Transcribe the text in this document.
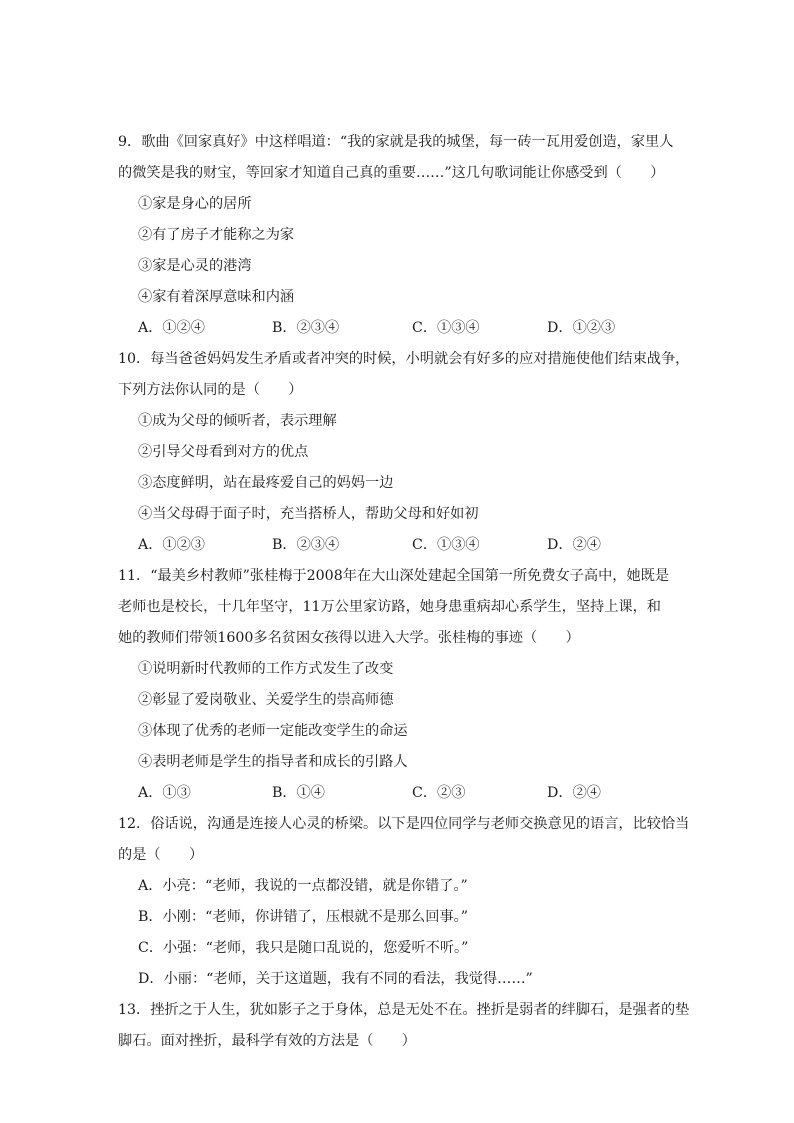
9．歌曲《回家真好》中这样唱道：“我的家就是我的城堡，每一砖一瓦用爱创造，家里人
的微笑是我的财宝，等回家才知道自己真的重要……”这几句歌词能让你感受到（　　）
①家是身心的居所
②有了房子才能称之为家
③家是心灵的港湾
④家有着深厚意味和内涵
A．①②④	B．②③④	C．①③④	D．①②③
10．每当爸爸妈妈发生矛盾或者冲突的时候，小明就会有好多的应对措施使他们结束战争，
下列方法你认同的是（　　）
①成为父母的倾听者，表示理解
②引导父母看到对方的优点
③态度鲜明，站在最疼爱自己的妈妈一边
④当父母碍于面子时，充当搭桥人，帮助父母和好如初
A．①②③	B．②③④	C．①③④	D．②④
11．“最美乡村教师”张桂梅于2008年在大山深处建起全国第一所免费女子高中，她既是
老师也是校长，十几年坚守，11万公里家访路，她身患重病却心系学生，坚持上课，和
她的教师们带领1600多名贫困女孩得以进入大学。张桂梅的事迹（　　）
①说明新时代教师的工作方式发生了改变
②彰显了爱岗敬业、关爱学生的崇高师德
③体现了优秀的老师一定能改变学生的命运
④表明老师是学生的指导者和成长的引路人
A．①③	B．①④	C．②③	D．②④
12．俗话说，沟通是连接人心灵的桥梁。以下是四位同学与老师交换意见的语言，比较恰当
的是（　　）
A．小亮：“老师，我说的一点都没错，就是你错了。”
B．小刚：“老师，你讲错了，压根就不是那么回事。”
C．小强：“老师，我只是随口乱说的，您爱听不听。”
D．小丽：“老师，关于这道题，我有不同的看法，我觉得……”
13．挫折之于人生，犹如影子之于身体，总是无处不在。挫折是弱者的绊脚石，是强者的垫
脚石。面对挫折，最科学有效的方法是（　　）
